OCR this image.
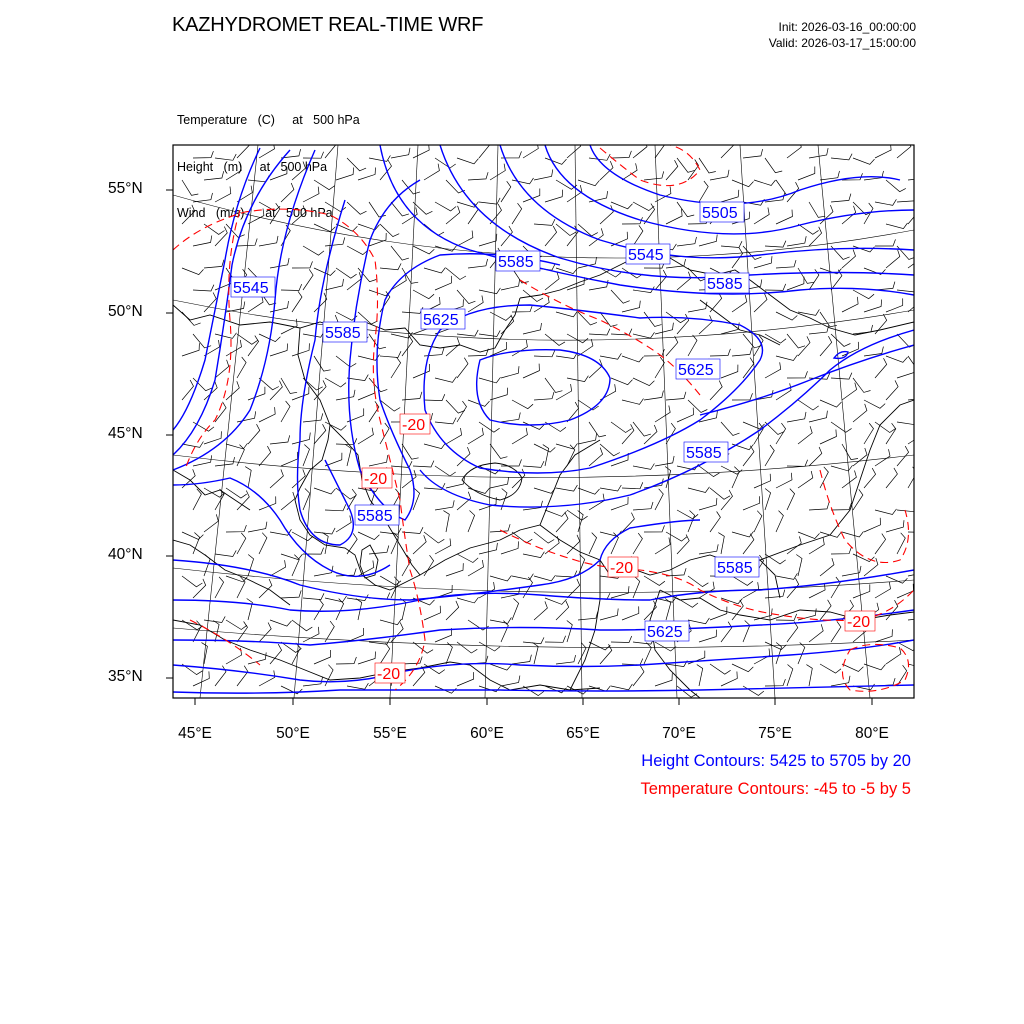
KAZHYDROMET REAL-TIME WRF	Init: 2026-03-16_00:00:00
Valid: 2026-03-17_15:00:00

Temperature   (C)     at   500 hPa

Height   (m)     at   500 hPa

Wind   (m/s)      at   500 hPa	5505
5545
5545
5585
5585
5585
5585
5585
5585
5625
5625
5625
-20
-20
-20
-20
-20
55°N
50°N
45°N
40°N
35°N
45°E	50°E	55°E	60°E	65°E	70°E	75°E	80°E
Height Contours: 5425 to 5705 by 20
Temperature Contours: -45 to -5 by 5
